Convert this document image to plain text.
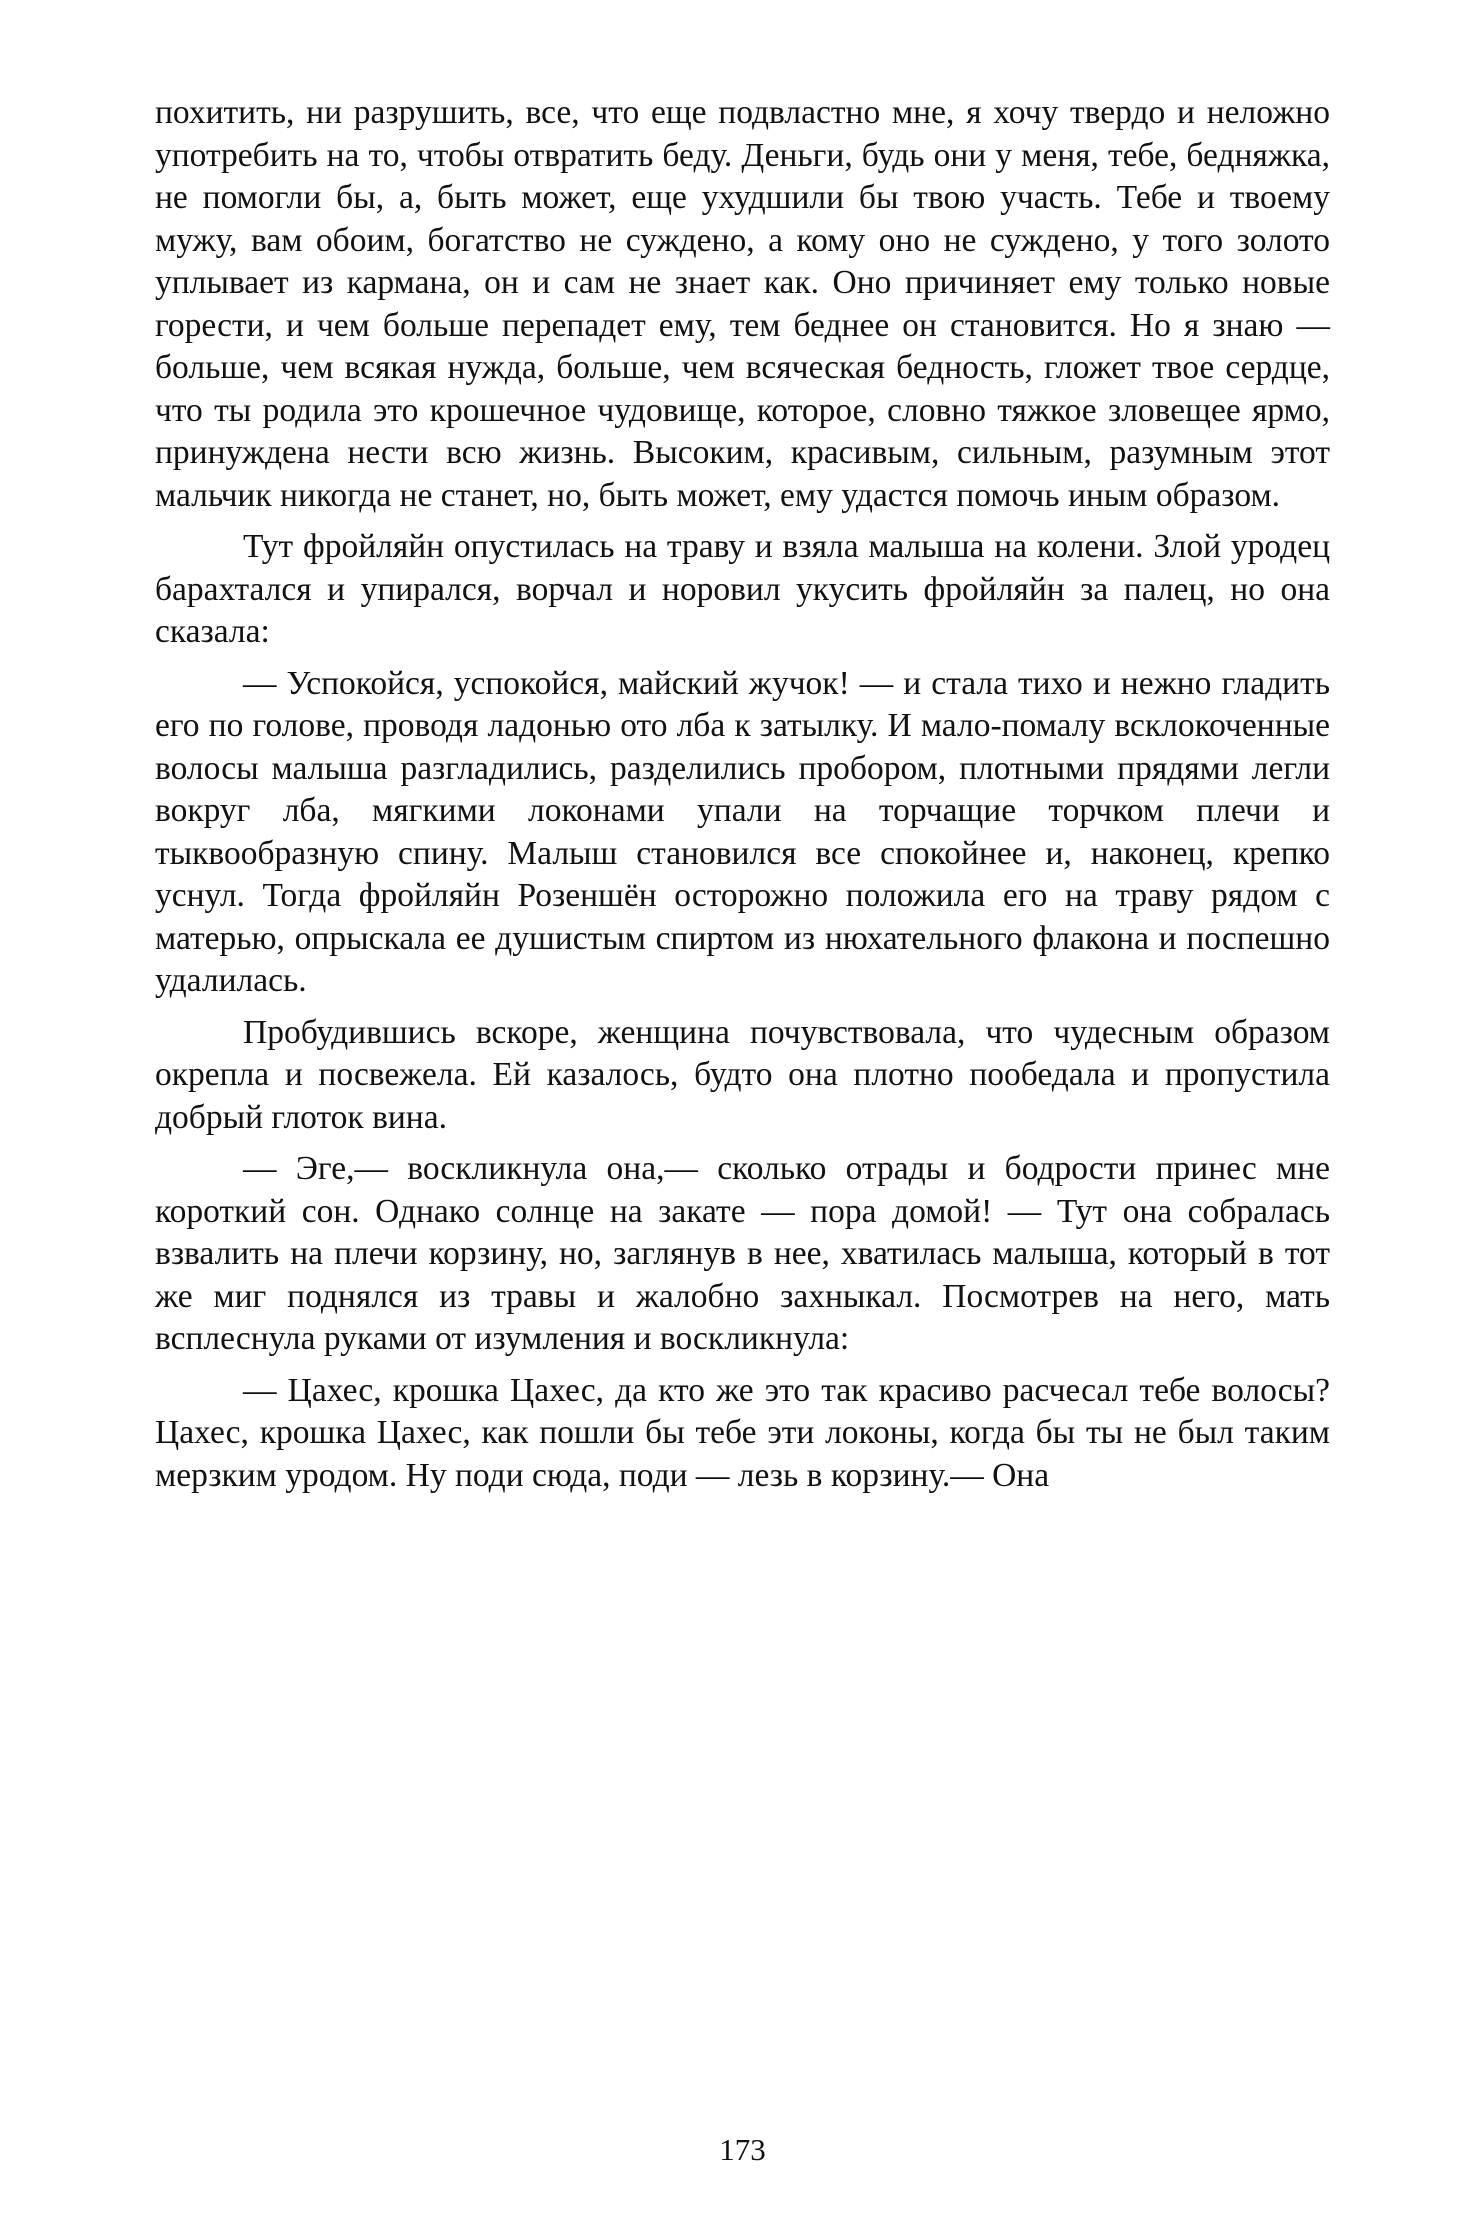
похитить, ни разрушить, все, что еще подвластно мне, я хочу твердо и неложно употребить на то, чтобы отвратить беду. Деньги, будь они у меня, тебе, бедняжка, не помогли бы, а, быть может, еще ухудшили бы твою участь. Тебе и твоему мужу, вам обоим, богатство не суждено, а кому оно не суждено, у того золото уплывает из кармана, он и сам не знает как. Оно причиняет ему только новые горести, и чем больше перепадет ему, тем беднее он становится. Но я знаю — больше, чем всякая нужда, больше, чем всяческая бедность, гложет твое сердце, что ты родила это крошечное чудовище, которое, словно тяжкое зловещее ярмо, принуждена нести всю жизнь. Высоким, красивым, сильным, разумным этот мальчик никогда не станет, но, быть может, ему удастся помочь иным образом.

Тут фройляйн опустилась на траву и взяла малыша на колени. Злой уродец барахтался и упирался, ворчал и норовил укусить фройляйн за палец, но она сказала:

— Успокойся, успокойся, майский жучок! — и стала тихо и нежно гладить его по голове, проводя ладонью ото лба к затылку. И мало-помалу всклокоченные волосы малыша разгладились, разделились пробором, плотными прядями легли вокруг лба, мягкими локонами упали на торчащие торчком плечи и тыквообразную спину. Малыш становился все спокойнее и, наконец, крепко уснул. Тогда фройляйн Розеншён осторожно положила его на траву рядом с матерью, опрыскала ее душистым спиртом из нюхательного флакона и поспешно удалилась.

Пробудившись вскоре, женщина почувствовала, что чудесным образом окрепла и посвежела. Ей казалось, будто она плотно пообедала и пропустила добрый глоток вина.

— Эге,— воскликнула она,— сколько отрады и бодрости принес мне короткий сон. Однако солнце на закате — пора домой! — Тут она собралась взвалить на плечи корзину, но, заглянув в нее, хватилась малыша, который в тот же миг поднялся из травы и жалобно захныкал. Посмотрев на него, мать всплеснула руками от изумления и воскликнула:

— Цахес, крошка Цахес, да кто же это так красиво расчесал тебе волосы? Цахес, крошка Цахес, как пошли бы тебе эти локоны, когда бы ты не был таким мерзким уродом. Ну поди сюда, поди — лезь в корзину.— Она

173
